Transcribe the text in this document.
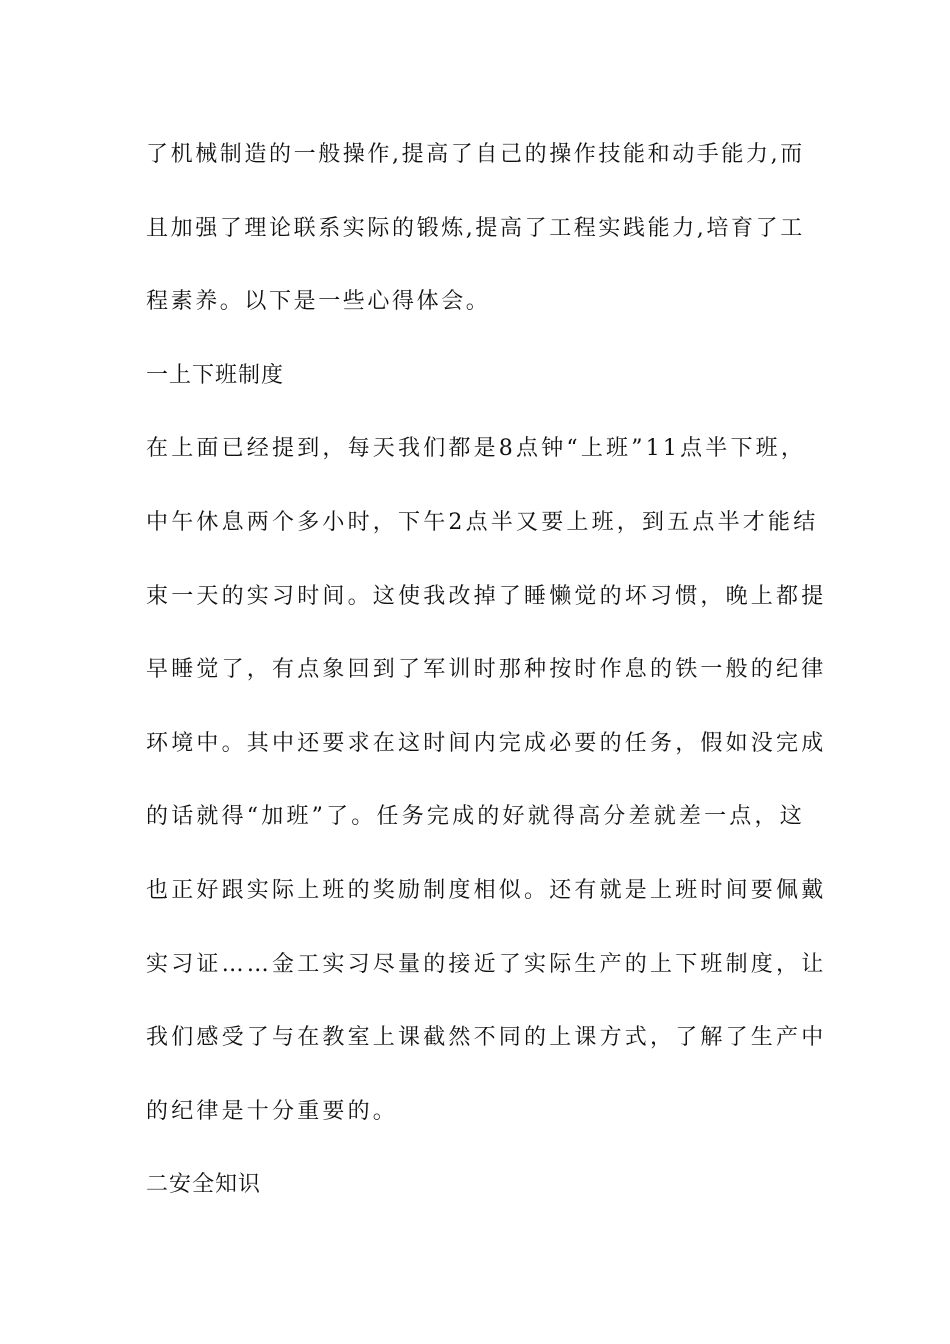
了机械制造的一般操作,提高了自己的操作技能和动手能力,而
且加强了理论联系实际的锻炼,提高了工程实践能力,培育了工
程素养。以下是一些心得体会。
一上下班制度
在上面已经提到，每天我们都是8点钟“上班”11点半下班，
中午休息两个多小时，下午2点半又要上班，到五点半才能结
束一天的实习时间。这使我改掉了睡懒觉的坏习惯，晚上都提
早睡觉了，有点象回到了军训时那种按时作息的铁一般的纪律
环境中。其中还要求在这时间内完成必要的任务，假如没完成
的话就得“加班”了。任务完成的好就得高分差就差一点，这
也正好跟实际上班的奖励制度相似。还有就是上班时间要佩戴
实习证……金工实习尽量的接近了实际生产的上下班制度，让
我们感受了与在教室上课截然不同的上课方式，了解了生产中
的纪律是十分重要的。
二安全知识
